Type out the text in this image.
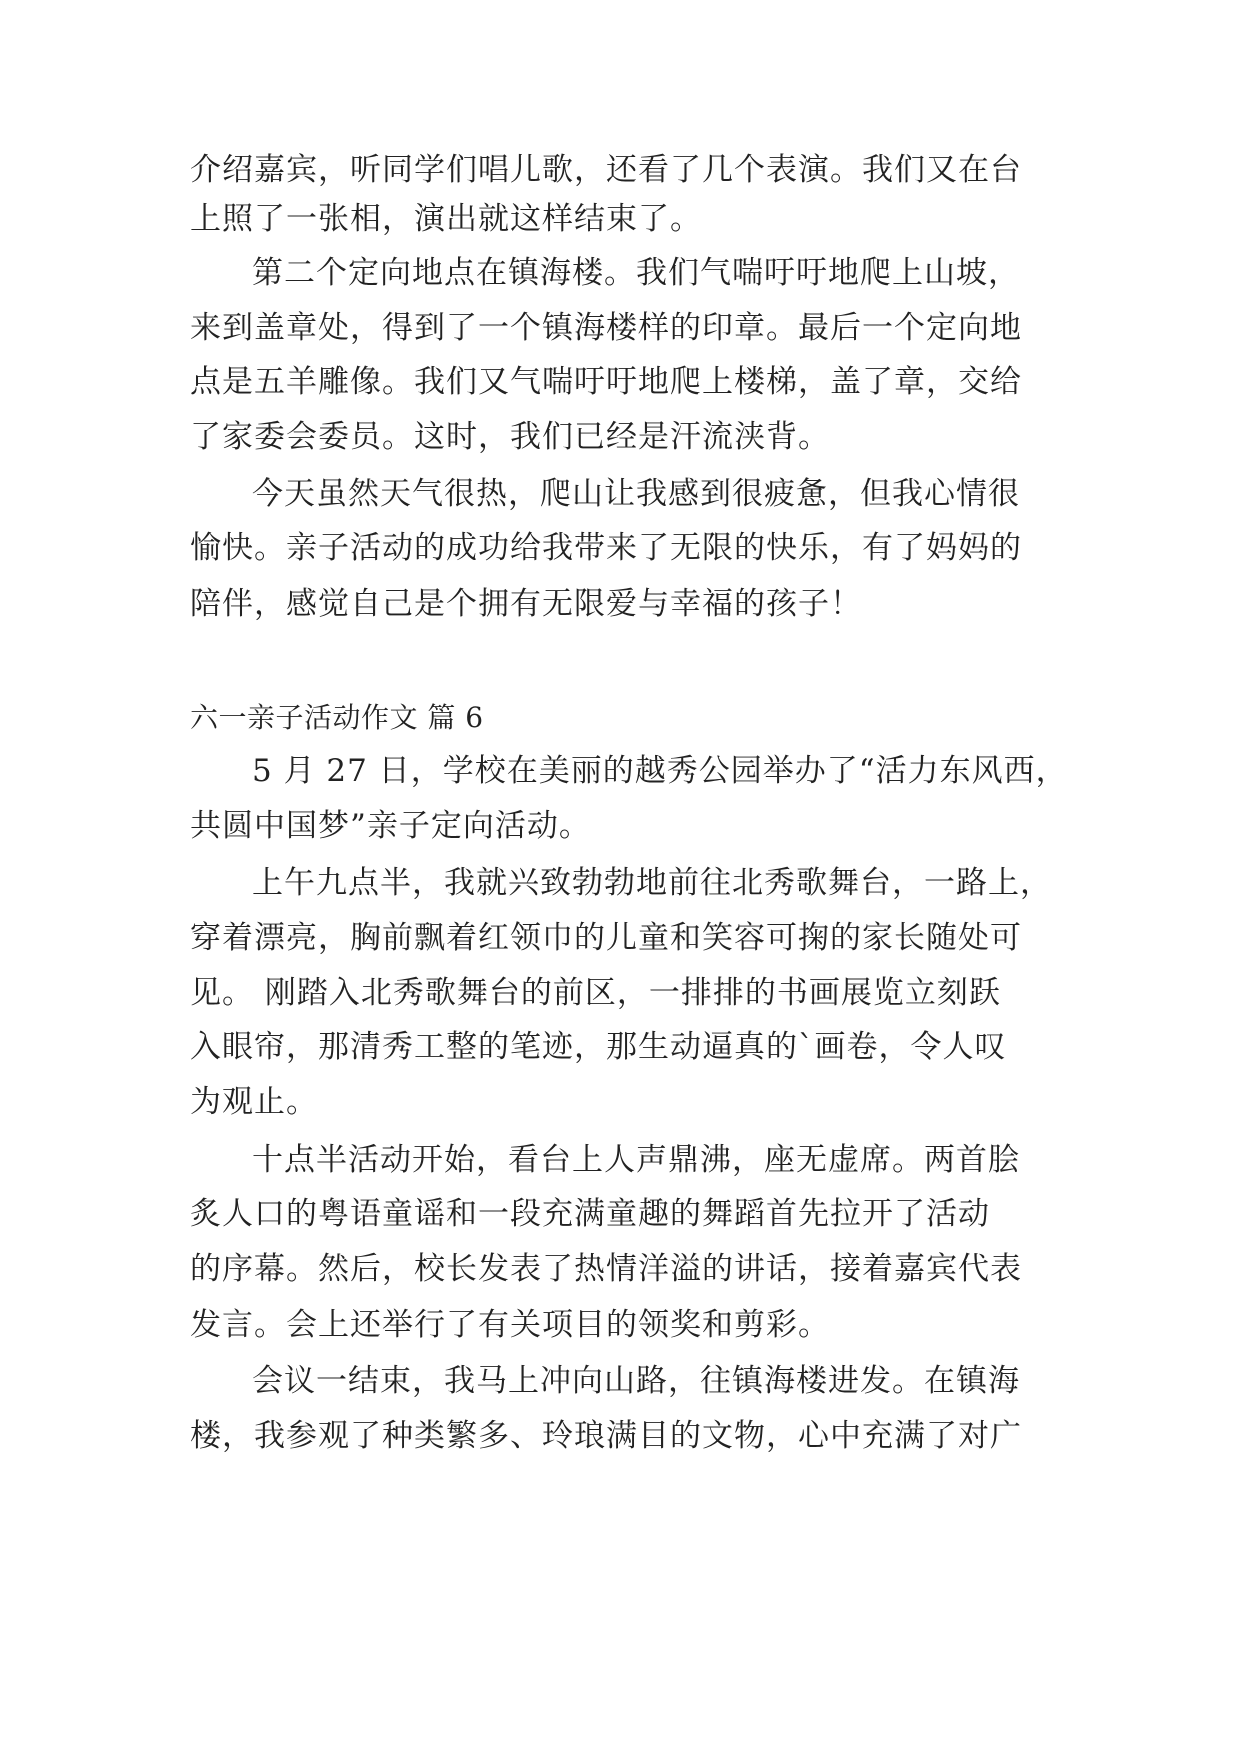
介绍嘉宾，听同学们唱儿歌，还看了几个表演。我们又在台
上照了一张相，演出就这样结束了。
第二个定向地点在镇海楼。我们气喘吁吁地爬上山坡，
来到盖章处，得到了一个镇海楼样的印章。最后一个定向地
点是五羊雕像。我们又气喘吁吁地爬上楼梯，盖了章，交给
了家委会委员。这时，我们已经是汗流浃背。
今天虽然天气很热，爬山让我感到很疲惫，但我心情很
愉快。亲子活动的成功给我带来了无限的快乐，有了妈妈的
陪伴，感觉自己是个拥有无限爱与幸福的孩子！
六一亲子活动作文 篇 6
5 月 27 日，学校在美丽的越秀公园举办了“活力东风西，
共圆中国梦”亲子定向活动。
上午九点半，我就兴致勃勃地前往北秀歌舞台，一路上，
穿着漂亮，胸前飘着红领巾的儿童和笑容可掬的家长随处可
见。 刚踏入北秀歌舞台的前区，一排排的书画展览立刻跃
入眼帘，那清秀工整的笔迹，那生动逼真的`画卷，令人叹
为观止。
十点半活动开始，看台上人声鼎沸，座无虚席。两首脍
炙人口的粤语童谣和一段充满童趣的舞蹈首先拉开了活动
的序幕。然后，校长发表了热情洋溢的讲话，接着嘉宾代表
发言。会上还举行了有关项目的领奖和剪彩。
会议一结束，我马上冲向山路，往镇海楼进发。在镇海
楼，我参观了种类繁多、玲琅满目的文物，心中充满了对广
